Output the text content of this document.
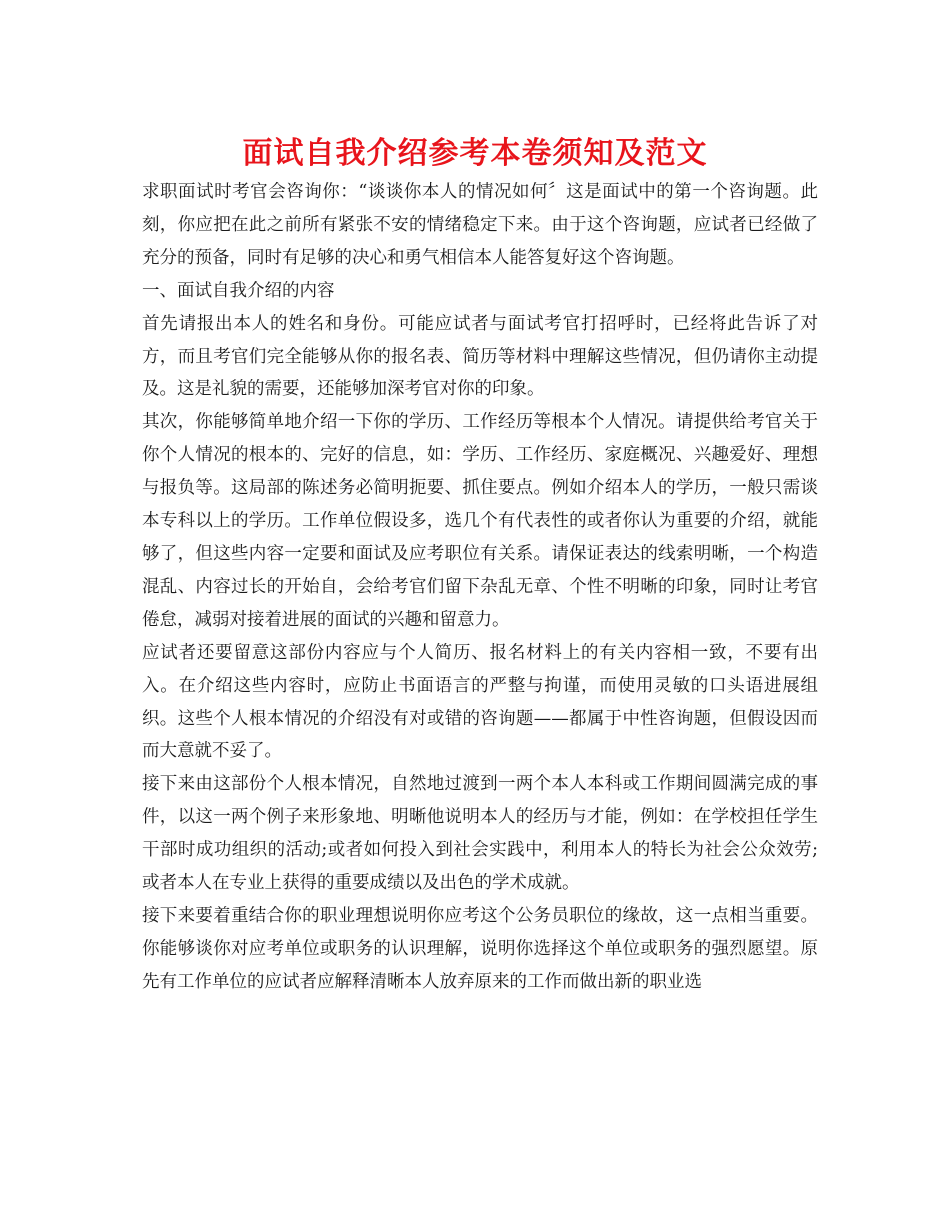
面试自我介绍参考本卷须知及范文

求职面试时考官会咨询你：“谈谈你本人的情况如何〞这是面试中的第一个咨询题。此刻，你应把在此之前所有紧张不安的情绪稳定下来。由于这个咨询题，应试者已经做了充分的预备，同时有足够的决心和勇气相信本人能答复好这个咨询题。

一、面试自我介绍的内容

首先请报出本人的姓名和身份。可能应试者与面试考官打招呼时，已经将此告诉了对方，而且考官们完全能够从你的报名表、简历等材料中理解这些情况，但仍请你主动提及。这是礼貌的需要，还能够加深考官对你的印象。

其次，你能够简单地介绍一下你的学历、工作经历等根本个人情况。请提供给考官关于你个人情况的根本的、完好的信息，如：学历、工作经历、家庭概况、兴趣爱好、理想与报负等。这局部的陈述务必简明扼要、抓住要点。例如介绍本人的学历，一般只需谈本专科以上的学历。工作单位假设多，选几个有代表性的或者你认为重要的介绍，就能够了，但这些内容一定要和面试及应考职位有关系。请保证表达的线索明晰，一个构造混乱、内容过长的开始自，会给考官们留下杂乱无章、个性不明晰的印象，同时让考官倦怠，减弱对接着进展的面试的兴趣和留意力。

应试者还要留意这部份内容应与个人简历、报名材料上的有关内容相一致，不要有出入。在介绍这些内容时，应防止书面语言的严整与拘谨，而使用灵敏的口头语进展组织。这些个人根本情况的介绍没有对或错的咨询题——都属于中性咨询题，但假设因而而大意就不妥了。

接下来由这部份个人根本情况，自然地过渡到一两个本人本科或工作期间圆满完成的事件，以这一两个例子来形象地、明晰他说明本人的经历与才能，例如：在学校担任学生干部时成功组织的活动;或者如何投入到社会实践中，利用本人的特长为社会公众效劳;或者本人在专业上获得的重要成绩以及出色的学术成就。

接下来要着重结合你的职业理想说明你应考这个公务员职位的缘故，这一点相当重要。你能够谈你对应考单位或职务的认识理解，说明你选择这个单位或职务的强烈愿望。原先有工作单位的应试者应解释清晰本人放弃原来的工作而做出新的职业选
